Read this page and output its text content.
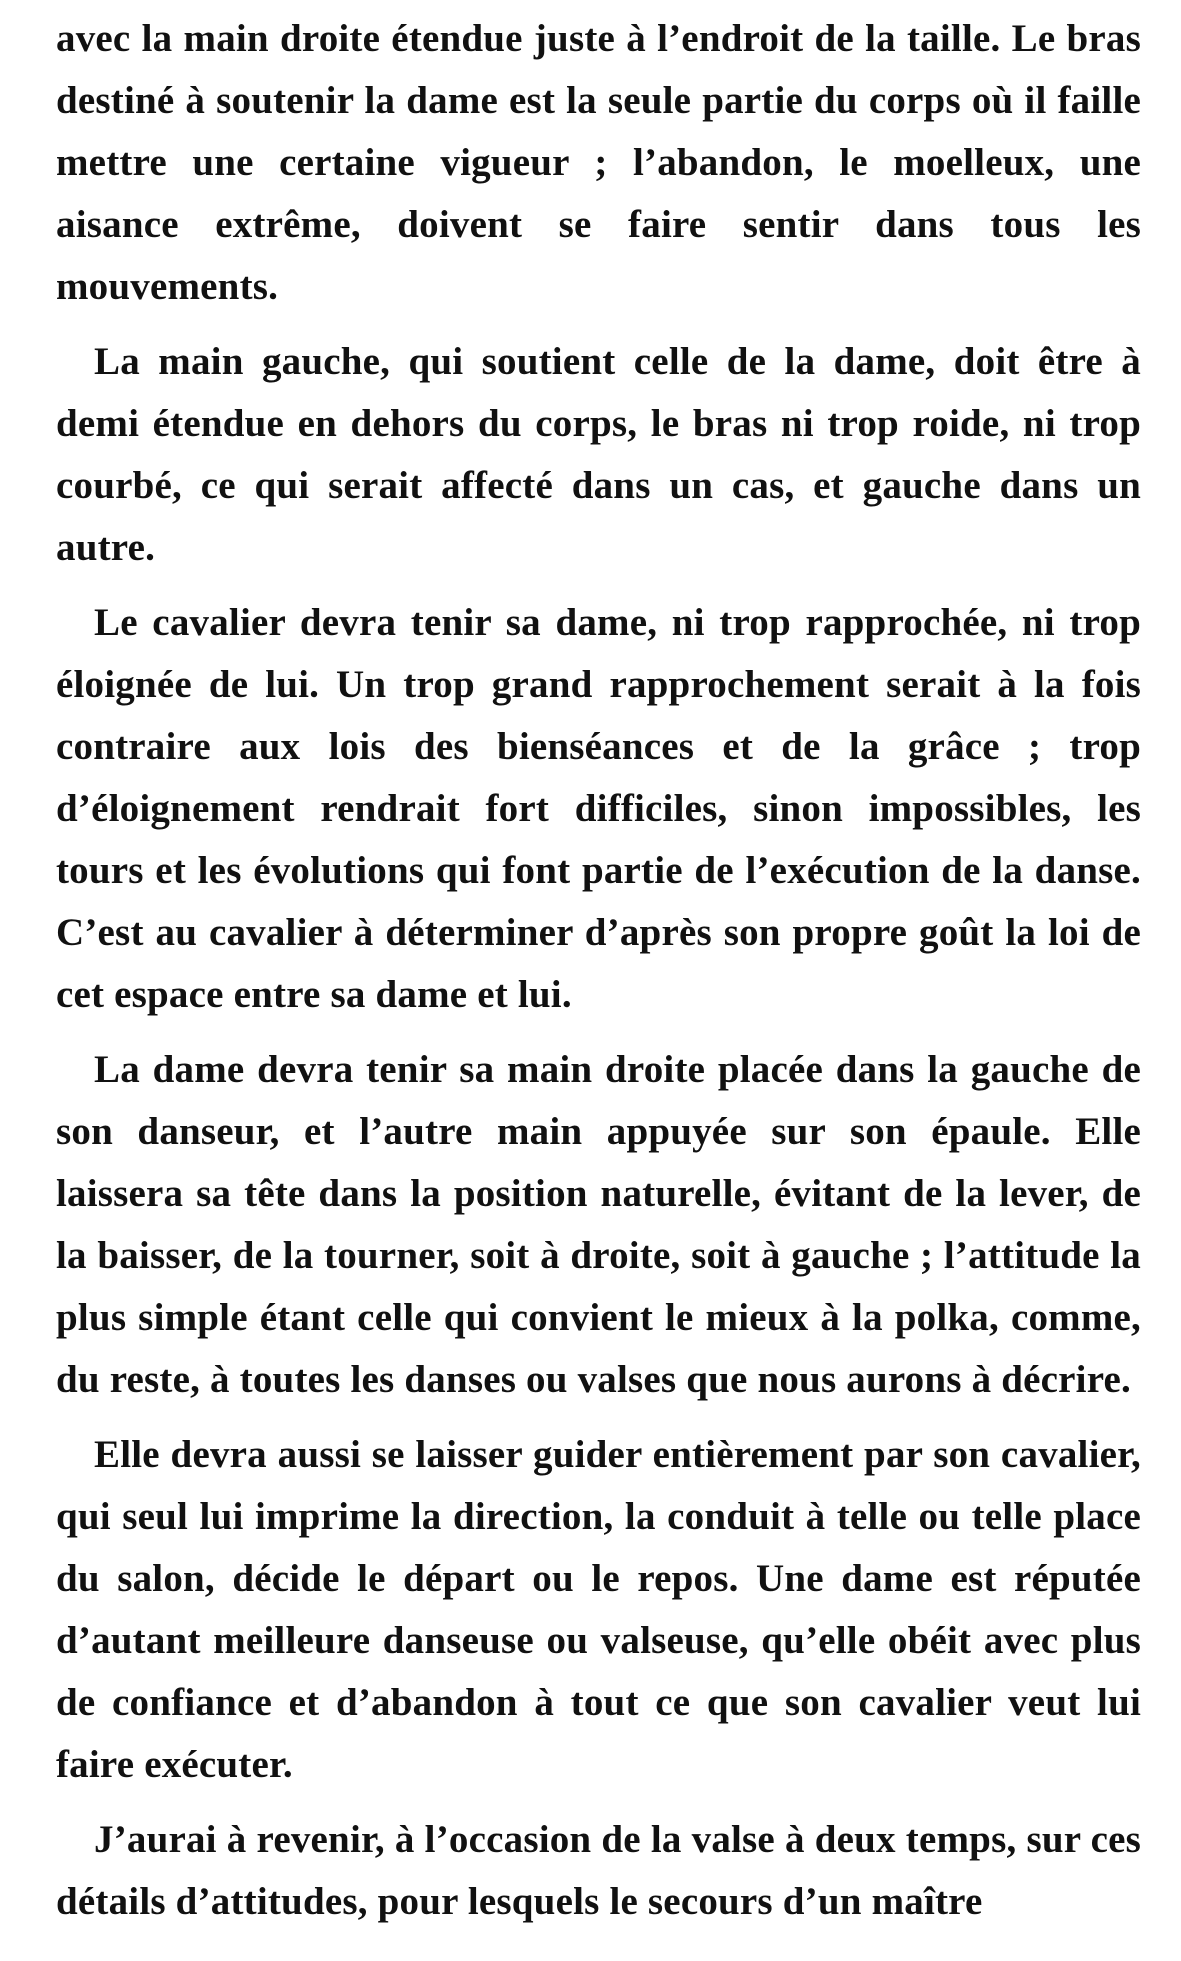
avec la main droite étendue juste à l’endroit de la taille. Le bras destiné à soutenir la dame est la seule partie du corps où il faille mettre une certaine vigueur ; l’abandon, le moelleux, une aisance extrême, doivent se faire sentir dans tous les mouvements.

La main gauche, qui soutient celle de la dame, doit être à demi étendue en dehors du corps, le bras ni trop roide, ni trop courbé, ce qui serait affecté dans un cas, et gauche dans un autre.

Le cavalier devra tenir sa dame, ni trop rapprochée, ni trop éloignée de lui. Un trop grand rapprochement serait à la fois contraire aux lois des bienséances et de la grâce ; trop d’éloignement rendrait fort difficiles, sinon impossibles, les tours et les évolutions qui font partie de l’exécution de la danse. C’est au cavalier à déterminer d’après son propre goût la loi de cet espace entre sa dame et lui.

La dame devra tenir sa main droite placée dans la gauche de son danseur, et l’autre main appuyée sur son épaule. Elle laissera sa tête dans la position naturelle, évitant de la lever, de la baisser, de la tourner, soit à droite, soit à gauche ; l’attitude la plus simple étant celle qui convient le mieux à la polka, comme, du reste, à toutes les danses ou valses que nous aurons à décrire.

Elle devra aussi se laisser guider entièrement par son cavalier, qui seul lui imprime la direction, la conduit à telle ou telle place du salon, décide le départ ou le repos. Une dame est réputée d’autant meilleure danseuse ou valseuse, qu’elle obéit avec plus de confiance et d’abandon à tout ce que son cavalier veut lui faire exécuter.

J’aurai à revenir, à l’occasion de la valse à deux temps, sur ces détails d’attitudes, pour lesquels le secours d’un maître
